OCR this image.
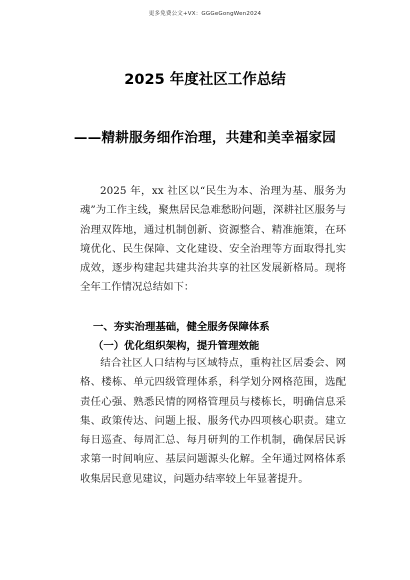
更多免费公文+VX：GGGeGongWen2024
2025 年度社区工作总结
——精耕服务细作治理，共建和美幸福家园
2025 年，xx 社区以“民生为本、治理为基、服务为魂”为工作主线，聚焦居民急难愁盼问题，深耕社区服务与治理双阵地，通过机制创新、资源整合、精准施策，在环境优化、民生保障、文化建设、安全治理等方面取得扎实成效，逐步构建起共建共治共享的社区发展新格局。现将全年工作情况总结如下：
一、夯实治理基础，健全服务保障体系
（一）优化组织架构，提升管理效能
结合社区人口结构与区域特点，重构社区居委会、网格、楼栋、单元四级管理体系，科学划分网格范围，选配责任心强、熟悉民情的网格管理员与楼栋长，明确信息采集、政策传达、问题上报、服务代办四项核心职责。建立每日巡查、每周汇总、每月研判的工作机制，确保居民诉求第一时间响应、基层问题源头化解。全年通过网格体系收集居民意见建议，问题办结率较上年显著提升。
